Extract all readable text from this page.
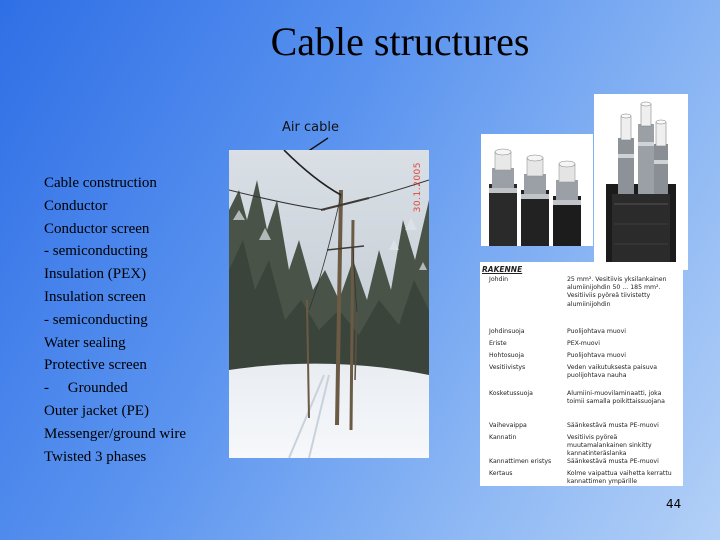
Cable structures
Air cable
Cable construction
Conductor
Conductor screen
- semiconducting
Insulation (PEX)
Insulation screen
- semiconducting
Water sealing
Protective screen
-     Grounded
Outer jacket (PE)
Messenger/ground wire
Twisted 3 phases
30.1.2005
RAKENNE
Johdin	25 mm². Vesitiivis yksilankainen alumiinijohdin 50 ... 185 mm². Vesitiiviis pyöreä tiivistetty alumiinijohdin
Johdinsuoja	Puolijohtava muovi
Eriste	PEX-muovi
Hohtosuoja	Puolijohtava muovi
Vesitiivistys	Veden vaikutuksesta paisuva puolijohtava nauha
Kosketussuoja	Alumiini-muovilaminaatti, joka toimii samalla poikittaissuojana
Vaihevaippa	Säänkestävä musta PE-muovi
Kannatin	Vesitiivis pyöreä muutamalankainen sinkitty kannatinteräslanka
Kannattimen eristys	Säänkestävä musta PE-muovi
Kertaus	Kolme vaipattua vaihetta kerrattu kannattimen ympärille
44
